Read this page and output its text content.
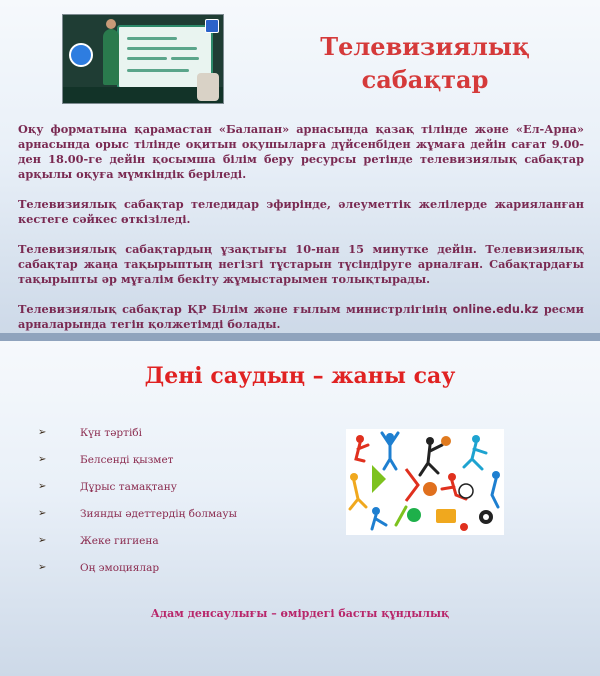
Телевизиялық
сабақтар

Оқу форматына қарамастан «Балапан» арнасында қазақ тілінде және «Ел-Арна» арнасында орыс тілінде оқитын оқушыларға дүйсенбіден жұмаға дейін сағат 9.00-ден 18.00-ге дейін қосымша білім беру ресурсы ретінде телевизиялық сабақтар арқылы оқуға мүмкіндік беріледі.

Телевизиялық сабақтар теледидар эфирінде, әлеуметтік желілерде жарияланған кестеге сәйкес өткізіледі.

Телевизиялық сабақтардың ұзақтығы 10-нан 15 минутке дейін. Телевизиялық сабақтар жаңа тақырыптың негізгі тұстарын түсіндіруге арналған. Сабақтардағы тақырыпты әр мұғалім бекіту жұмыстарымен толықтырады.

Телевизиялық сабақтар ҚР Білім және ғылым министрлігінің online.edu.kz ресми арналарында тегін қолжетімді болады.

Дені саудың – жаны сау
➢	Күн тәртібі
➢	Белсенді қызмет
➢	Дұрыс тамақтану
➢	Зиянды әдеттердің болмауы
➢	Жеке гигиена
➢	Оң эмоциялар

Адам денсаулығы – өмірдегі басты құндылық
